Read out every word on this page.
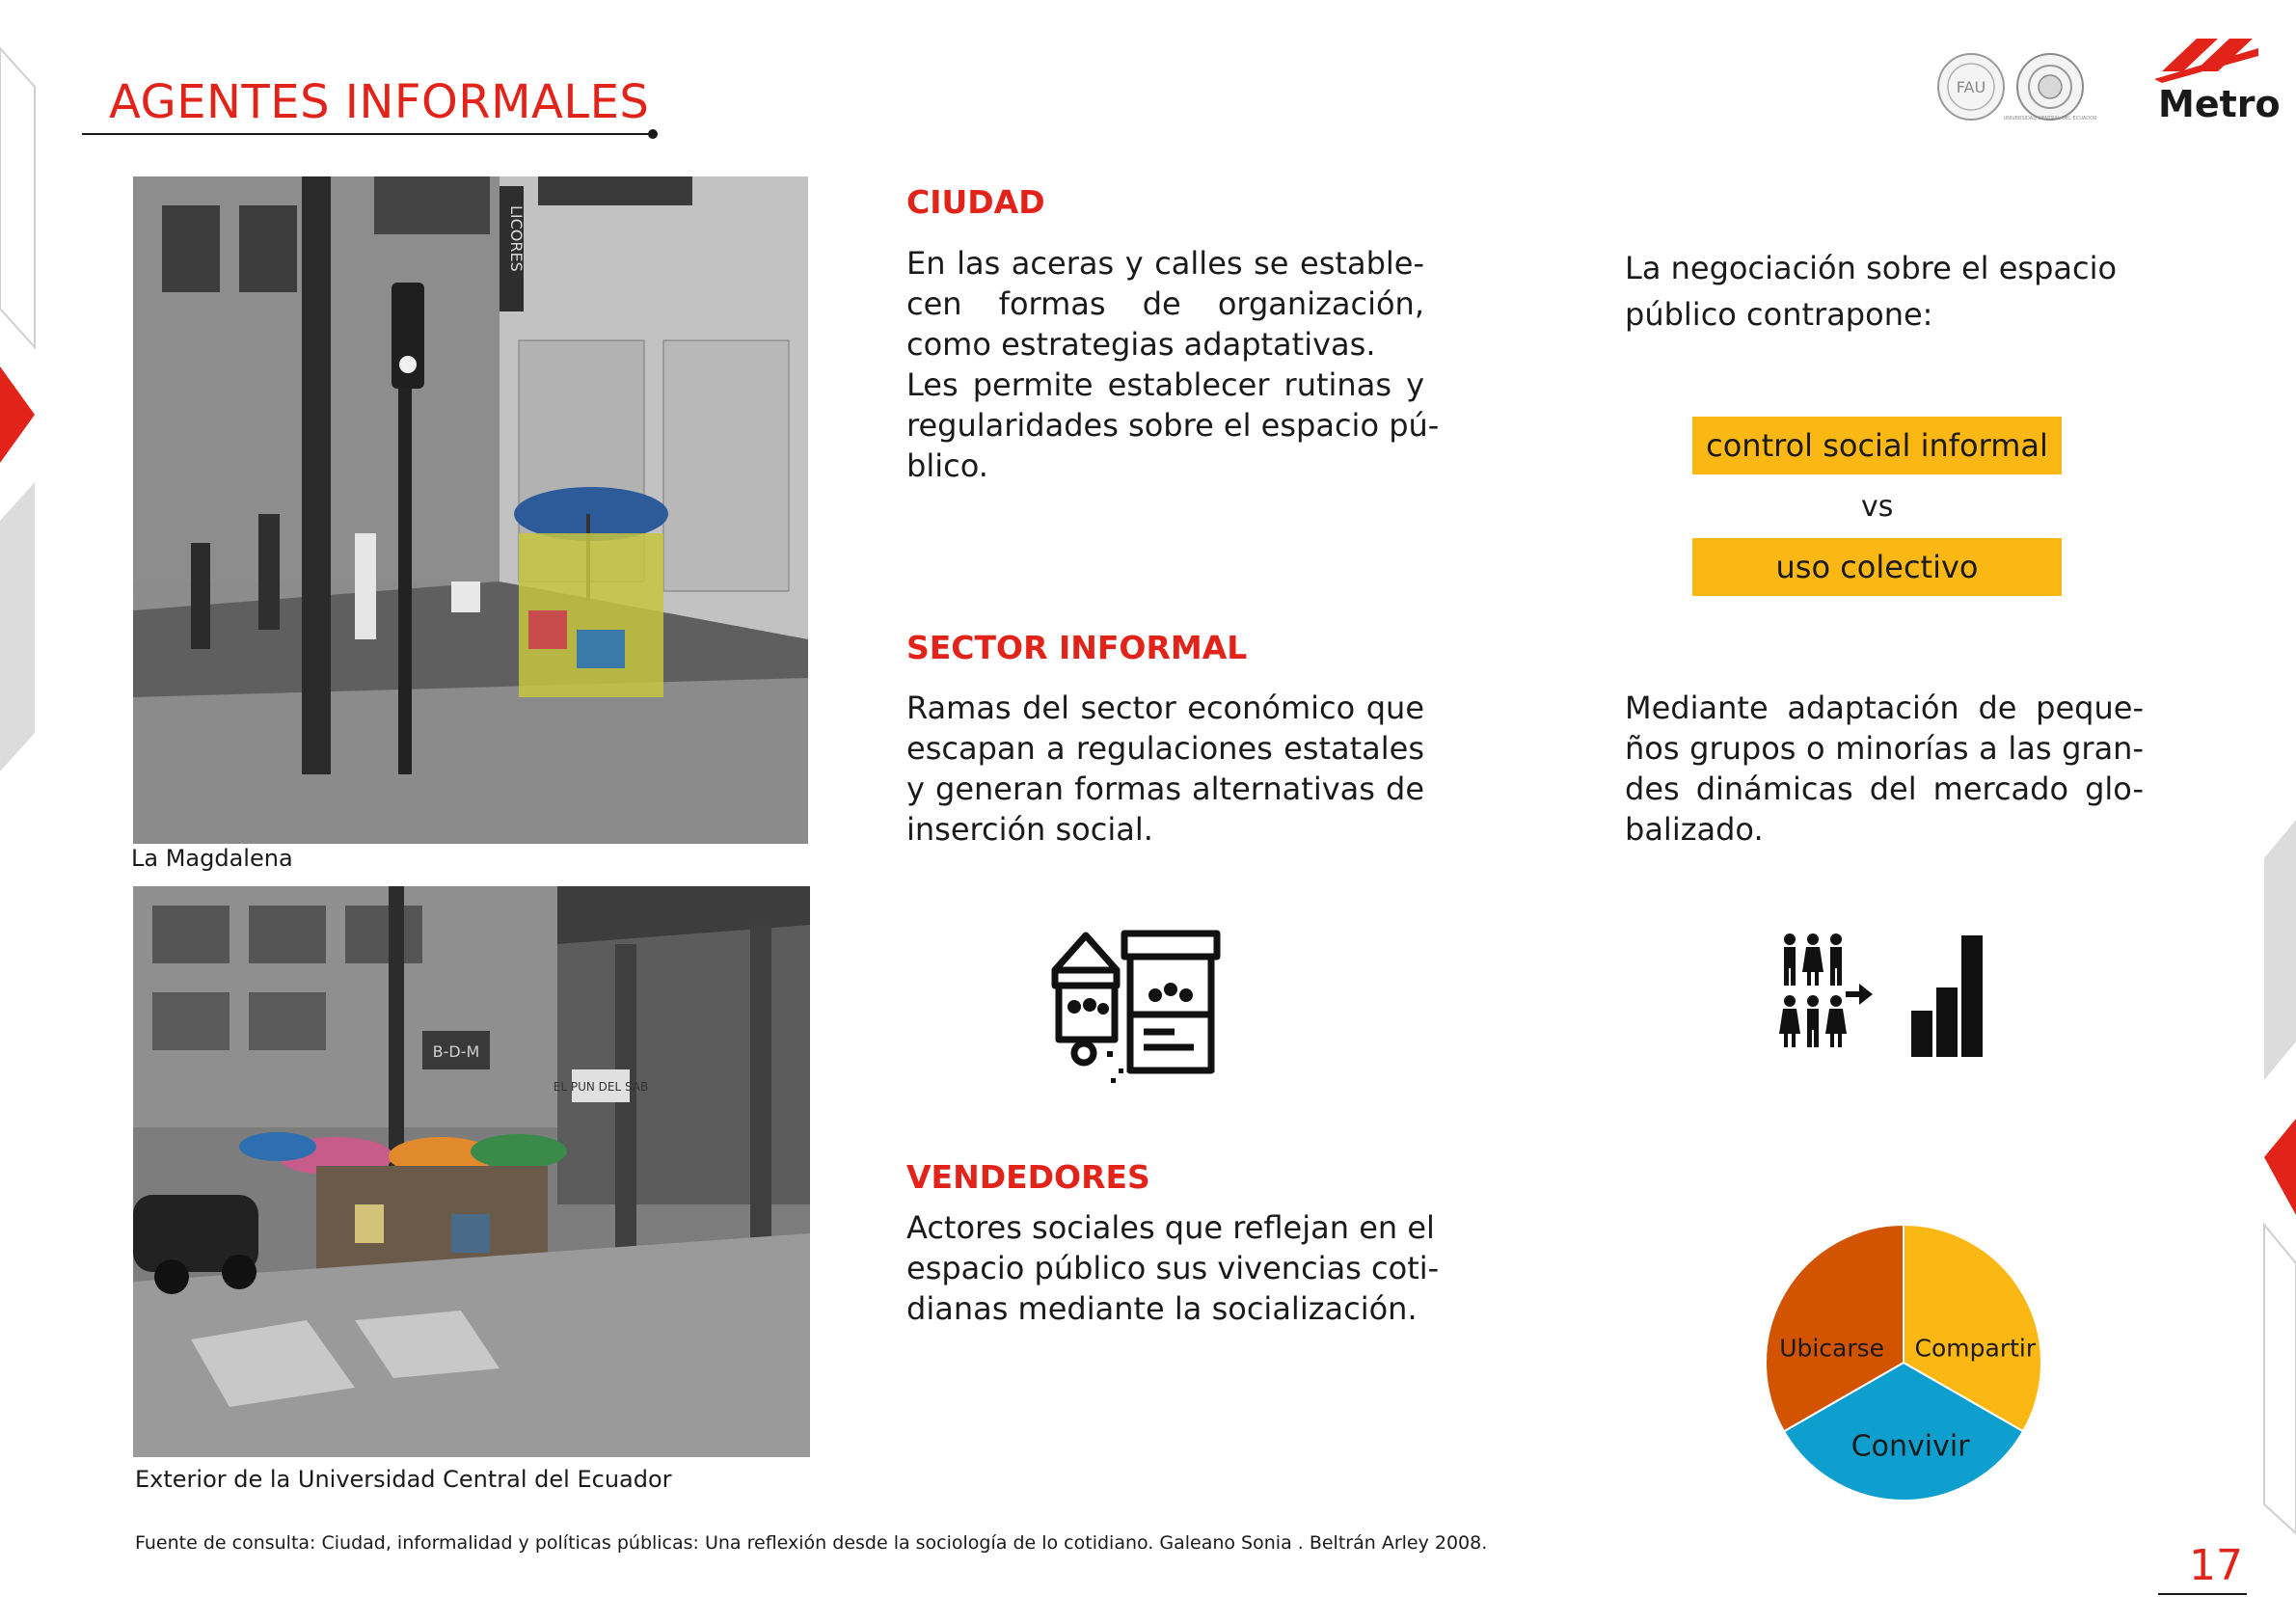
AGENTES INFORMALES	FAU
UNIVERSIDAD CENTRAL DEL ECUADOR Metro
LICORES
La Magdalena
B-D-M
EL PUN DEL SAB
Exterior de la Universidad Central del Ecuador
CIUDAD
En las aceras y calles se estable-
cen formas de organización,
como estrategias adaptativas.
Les permite establecer rutinas y
regularidades sobre el espacio pú-
blico.
SECTOR INFORMAL
Ramas del sector económico que
escapan a regulaciones estatales
y generan formas alternativas de
inserción social.
VENDEDORES
Actores sociales que reflejan en el
espacio público sus vivencias coti-
dianas mediante la socialización.
La negociación sobre el espacio
público contrapone:
control social informal
vs
uso colectivo
Mediante adaptación de peque-
ños grupos o minorías a las gran-
des dinámicas del mercado glo-
balizado.
Compartir
Convivir
Ubicarse
Fuente de consulta: Ciudad, informalidad y políticas públicas: Una reflexión desde la sociología de lo cotidiano. Galeano Sonia . Beltrán Arley 2008.	17
